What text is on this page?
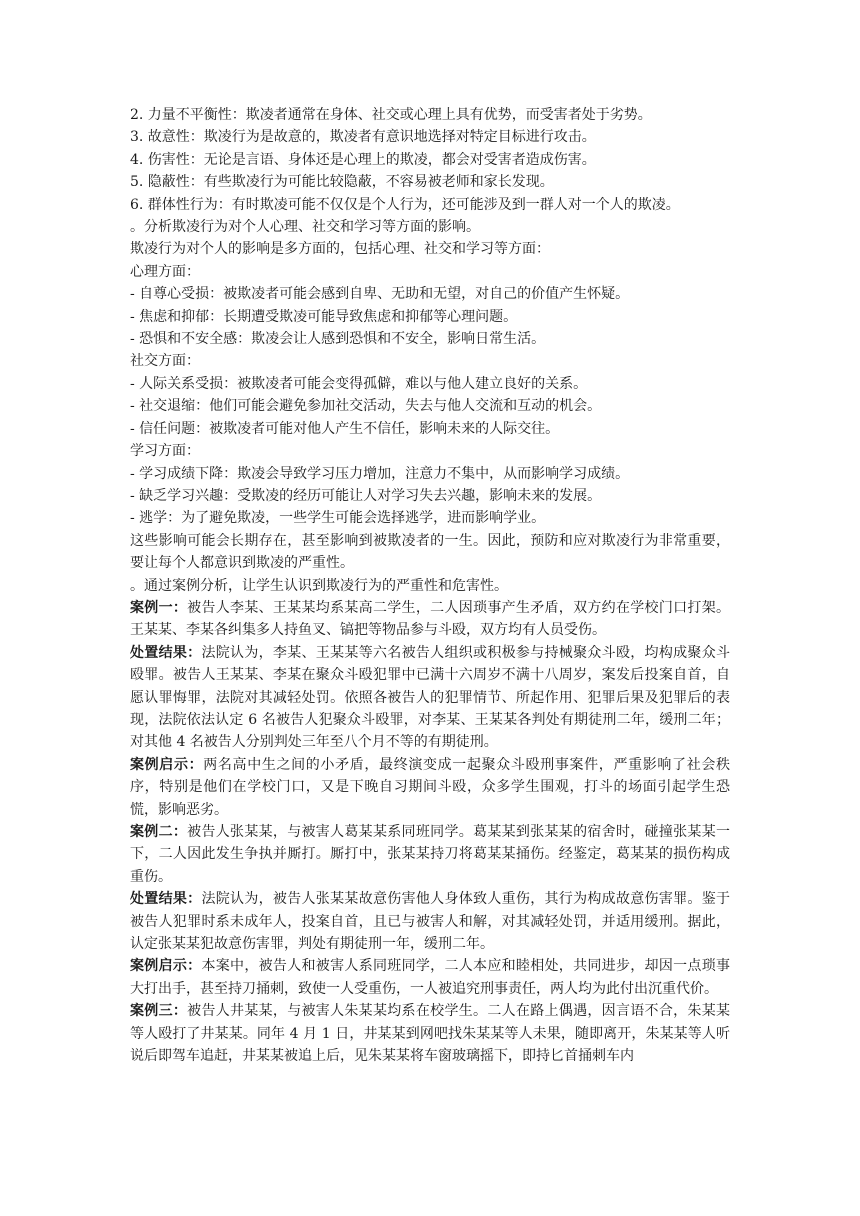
2. 力量不平衡性：欺凌者通常在身体、社交或心理上具有优势，而受害者处于劣势。
3. 故意性：欺凌行为是故意的，欺凌者有意识地选择对特定目标进行攻击。
4. 伤害性：无论是言语、身体还是心理上的欺凌，都会对受害者造成伤害。
5. 隐蔽性：有些欺凌行为可能比较隐蔽，不容易被老师和家长发现。
6. 群体性行为：有时欺凌可能不仅仅是个人行为，还可能涉及到一群人对一个人的欺凌。
。分析欺凌行为对个人心理、社交和学习等方面的影响。
欺凌行为对个人的影响是多方面的，包括心理、社交和学习等方面：
心理方面：
- 自尊心受损：被欺凌者可能会感到自卑、无助和无望，对自己的价值产生怀疑。
- 焦虑和抑郁：长期遭受欺凌可能导致焦虑和抑郁等心理问题。
- 恐惧和不安全感：欺凌会让人感到恐惧和不安全，影响日常生活。
社交方面：
- 人际关系受损：被欺凌者可能会变得孤僻，难以与他人建立良好的关系。
- 社交退缩：他们可能会避免参加社交活动，失去与他人交流和互动的机会。
- 信任问题：被欺凌者可能对他人产生不信任，影响未来的人际交往。
学习方面：
- 学习成绩下降：欺凌会导致学习压力增加，注意力不集中，从而影响学习成绩。
- 缺乏学习兴趣：受欺凌的经历可能让人对学习失去兴趣，影响未来的发展。
- 逃学：为了避免欺凌，一些学生可能会选择逃学，进而影响学业。

这些影响可能会长期存在，甚至影响到被欺凌者的一生。因此，预防和应对欺凌行为非常重要，要让每个人都意识到欺凌的严重性。

。通过案例分析，让学生认识到欺凌行为的严重性和危害性。

案例一：被告人李某、王某某均系某高二学生，二人因琐事产生矛盾，双方约在学校门口打架。王某某、李某各纠集多人持鱼叉、镐把等物品参与斗殴，双方均有人员受伤。

处置结果：法院认为，李某、王某某等六名被告人组织或积极参与持械聚众斗殴，均构成聚众斗殴罪。被告人王某某、李某在聚众斗殴犯罪中已满十六周岁不满十八周岁，案发后投案自首，自愿认罪悔罪，法院对其减轻处罚。依照各被告人的犯罪情节、所起作用、犯罪后果及犯罪后的表现，法院依法认定 6 名被告人犯聚众斗殴罪，对李某、王某某各判处有期徒刑二年，缓刑二年；对其他 4 名被告人分别判处三年至八个月不等的有期徒刑。

案例启示：两名高中生之间的小矛盾，最终演变成一起聚众斗殴刑事案件，严重影响了社会秩序，特别是他们在学校门口，又是下晚自习期间斗殴，众多学生围观，打斗的场面引起学生恐慌，影响恶劣。

案例二：被告人张某某，与被害人葛某某系同班同学。葛某某到张某某的宿舍时，碰撞张某某一下，二人因此发生争执并厮打。厮打中，张某某持刀将葛某某捅伤。经鉴定，葛某某的损伤构成重伤。

处置结果：法院认为，被告人张某某故意伤害他人身体致人重伤，其行为构成故意伤害罪。鉴于被告人犯罪时系未成年人，投案自首，且已与被害人和解，对其减轻处罚，并适用缓刑。据此，认定张某某犯故意伤害罪，判处有期徒刑一年，缓刑二年。

案例启示：本案中，被告人和被害人系同班同学，二人本应和睦相处，共同进步，却因一点琐事大打出手，甚至持刀捅刺，致使一人受重伤，一人被追究刑事责任，两人均为此付出沉重代价。

案例三：被告人井某某，与被害人朱某某均系在校学生。二人在路上偶遇，因言语不合，朱某某等人殴打了井某某。同年 4 月 1 日，井某某到网吧找朱某某等人未果，随即离开，朱某某等人听说后即驾车追赶，井某某被追上后，见朱某某将车窗玻璃摇下，即持匕首捅刺车内
